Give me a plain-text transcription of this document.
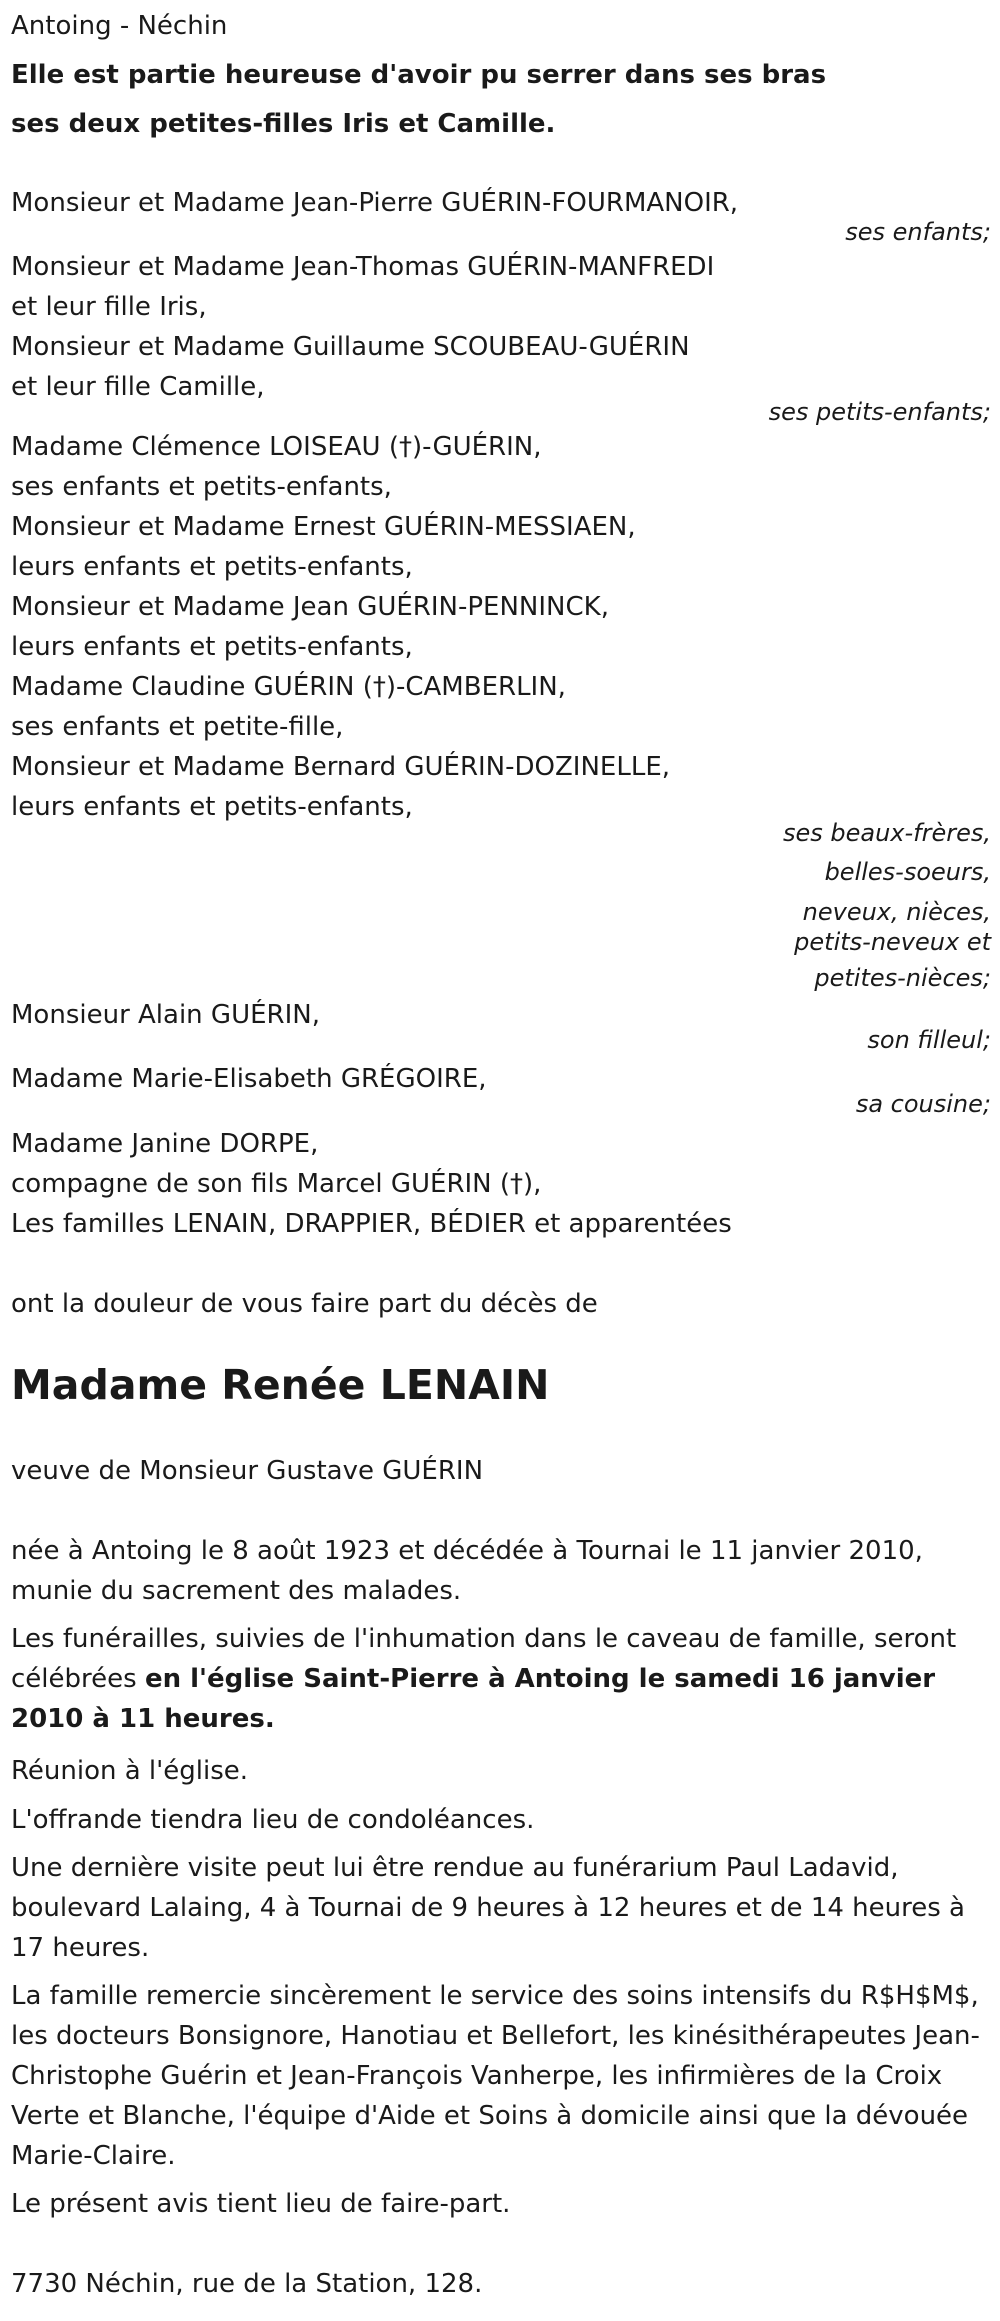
Antoing - Néchin
Elle est partie heureuse d'avoir pu serrer dans ses bras
ses deux petites-filles Iris et Camille.
Monsieur et Madame Jean-Pierre GUÉRIN-FOURMANOIR,
ses enfants;
Monsieur et Madame Jean-Thomas GUÉRIN-MANFREDI
et leur fille Iris,
Monsieur et Madame Guillaume SCOUBEAU-GUÉRIN
et leur fille Camille,
ses petits-enfants;
Madame Clémence LOISEAU (†)-GUÉRIN,
ses enfants et petits-enfants,
Monsieur et Madame Ernest GUÉRIN-MESSIAEN,
leurs enfants et petits-enfants,
Monsieur et Madame Jean GUÉRIN-PENNINCK,
leurs enfants et petits-enfants,
Madame Claudine GUÉRIN (†)-CAMBERLIN,
ses enfants et petite-fille,
Monsieur et Madame Bernard GUÉRIN-DOZINELLE,
leurs enfants et petits-enfants,
ses beaux-frères,
belles-soeurs,
neveux, nièces,
petits-neveux et
petites-nièces;
Monsieur Alain GUÉRIN,
son filleul;
Madame Marie-Elisabeth GRÉGOIRE,
sa cousine;
Madame Janine DORPE,
compagne de son fils Marcel GUÉRIN (†),
Les familles LENAIN, DRAPPIER, BÉDIER et apparentées
ont la douleur de vous faire part du décès de
Madame Renée LENAIN
veuve de Monsieur Gustave GUÉRIN
née à Antoing le 8 août 1923 et décédée à Tournai le 11 janvier 2010, munie du sacrement des malades.
Les funérailles, suivies de l'inhumation dans le caveau de famille, seront célébrées en l'église Saint-Pierre à Antoing le samedi 16 janvier 2010 à 11 heures.
Réunion à l'église.
L'offrande tiendra lieu de condoléances.
Une dernière visite peut lui être rendue au funérarium Paul Ladavid, boulevard Lalaing, 4 à Tournai de 9 heures à 12 heures et de 14 heures à 17 heures.
La famille remercie sincèrement le service des soins intensifs du R$H$M$, les docteurs Bonsignore, Hanotiau et Bellefort, les kinésithérapeutes Jean-Christophe Guérin et Jean-François Vanherpe, les infirmières de la Croix Verte et Blanche, l'équipe d'Aide et Soins à domicile ainsi que la dévouée Marie-Claire.
Le présent avis tient lieu de faire-part.
7730 Néchin, rue de la Station, 128.
